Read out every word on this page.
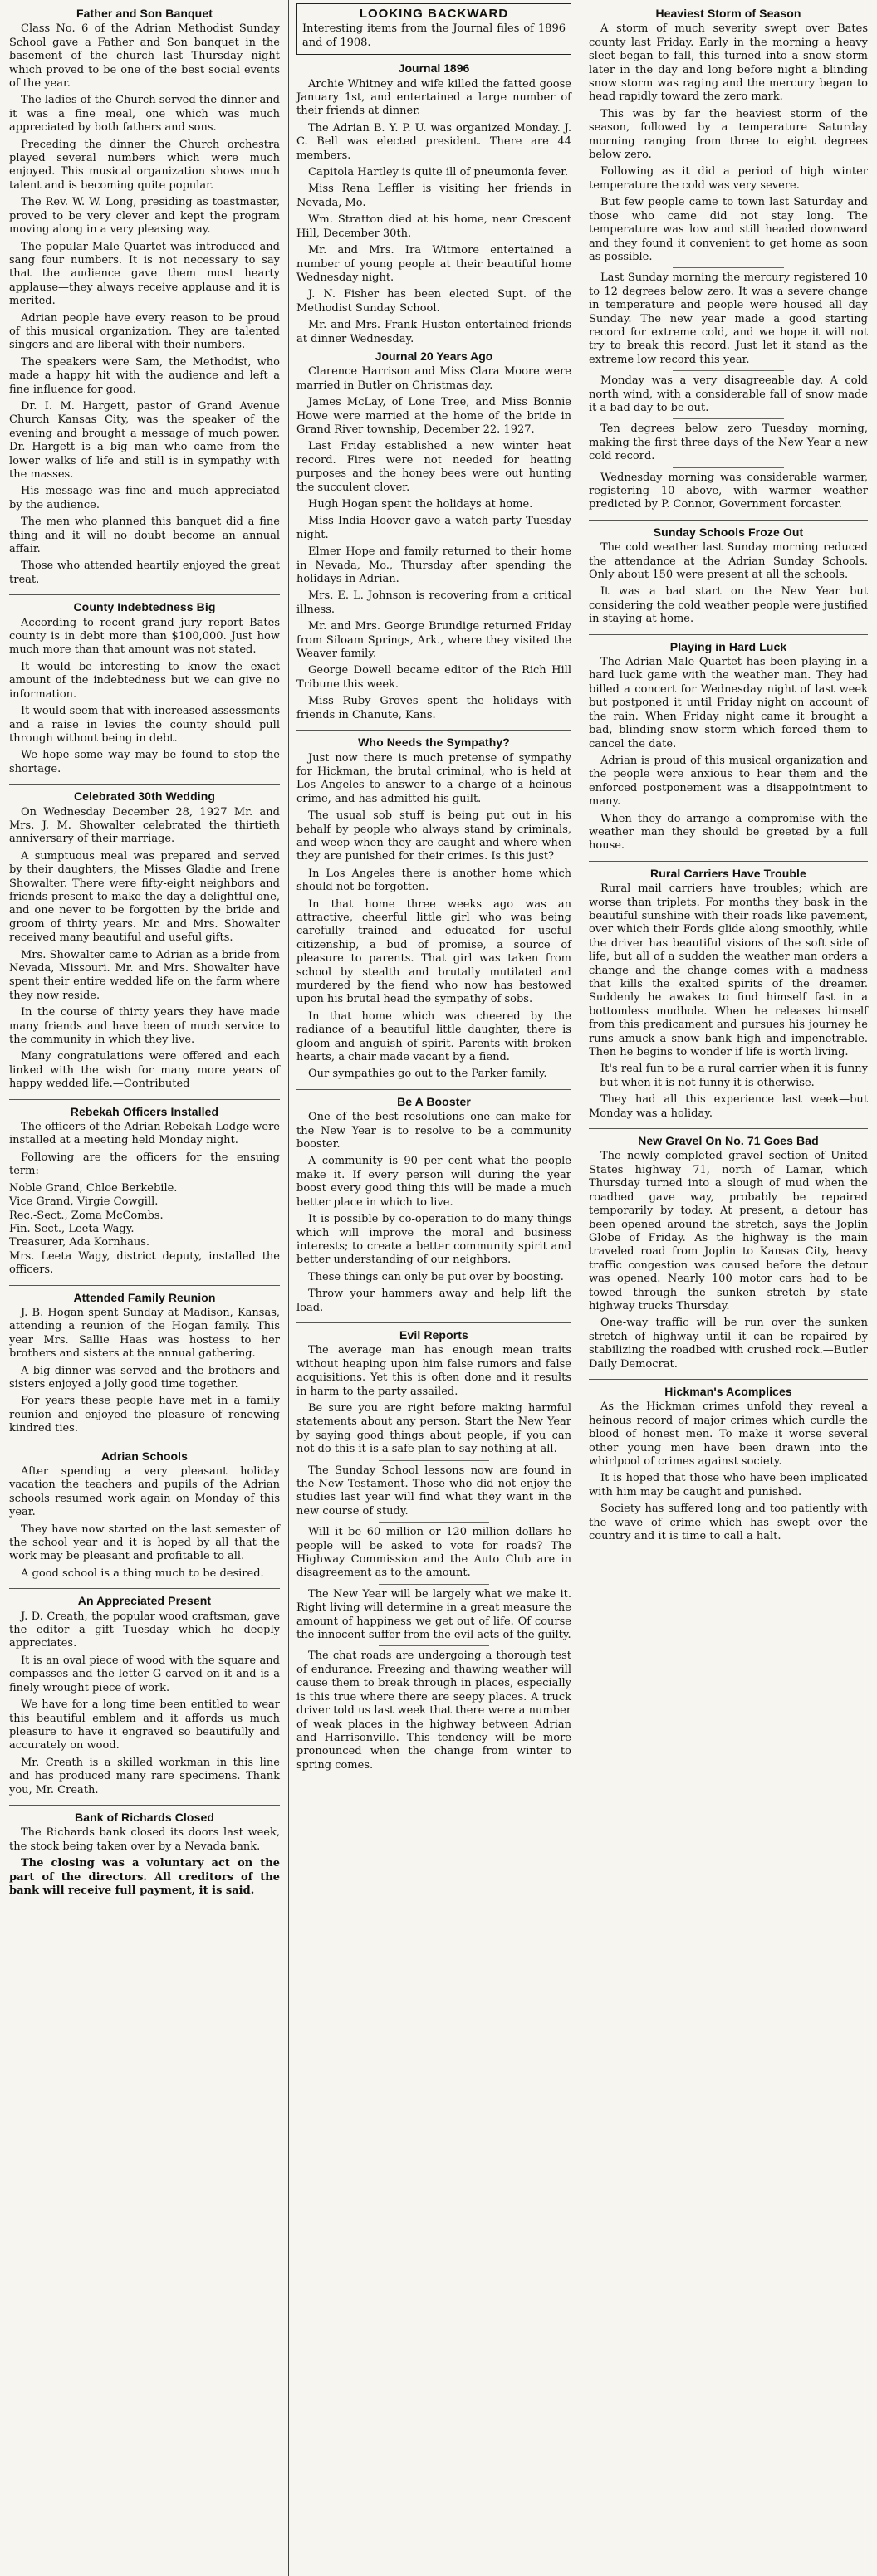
Father and Son Banquet

Class No. 6 of the Adrian Methodist Sunday School gave a Father and Son banquet in the basement of the church last Thursday night which proved to be one of the best social events of the year.

The ladies of the Church served the dinner and it was a fine meal, one which was much appreciated by both fathers and sons.

Preceding the dinner the Church orchestra played several numbers which were much enjoyed. This musical organization shows much talent and is becoming quite popular.

The Rev. W. W. Long, presiding as toastmaster, proved to be very clever and kept the program moving along in a very pleasing way.

The popular Male Quartet was introduced and sang four numbers. It is not necessary to say that the audience gave them most hearty applause—they always receive applause and it is merited.

Adrian people have every reason to be proud of this musical organization. They are talented singers and are liberal with their numbers.

The speakers were Sam, the Methodist, who made a happy hit with the audience and left a fine influence for good.

Dr. I. M. Hargett, pastor of Grand Avenue Church Kansas City, was the speaker of the evening and brought a message of much power. Dr. Hargett is a big man who came from the lower walks of life and still is in sympathy with the masses.

His message was fine and much appreciated by the audience.

The men who planned this banquet did a fine thing and it will no doubt become an annual affair.

Those who attended heartily enjoyed the great treat.

County Indebtedness Big

According to recent grand jury report Bates county is in debt more than $100,000. Just how much more than that amount was not stated.

It would be interesting to know the exact amount of the indebtedness but we can give no information.

It would seem that with increased assessments and a raise in levies the county should pull through without being in debt.

We hope some way may be found to stop the shortage.

Celebrated 30th Wedding

On Wednesday December 28, 1927 Mr. and Mrs. J. M. Showalter celebrated the thirtieth anniversary of their marriage.

A sumptuous meal was prepared and served by their daughters, the Misses Gladie and Irene Showalter. There were fifty-eight neighbors and friends present to make the day a delightful one, and one never to be forgotten by the bride and groom of thirty years. Mr. and Mrs. Showalter received many beautiful and useful gifts.

Mrs. Showalter came to Adrian as a bride from Nevada, Missouri. Mr. and Mrs. Showalter have spent their entire wedded life on the farm where they now reside.

In the course of thirty years they have made many friends and have been of much service to the community in which they live.

Many congratulations were offered and each linked with the wish for many more years of happy wedded life.—Contributed

Rebekah Officers Installed

The officers of the Adrian Rebekah Lodge were installed at a meeting held Monday night.

Following are the officers for the ensuing term:

Noble Grand, Chloe Berkebile.

Vice Grand, Virgie Cowgill.

Rec.-Sect., Zoma McCombs.

Fin. Sect., Leeta Wagy.

Treasurer, Ada Kornhaus.

Mrs. Leeta Wagy, district deputy, installed the officers.

Attended Family Reunion

J. B. Hogan spent Sunday at Madison, Kansas, attending a reunion of the Hogan family. This year Mrs. Sallie Haas was hostess to her brothers and sisters at the annual gathering.

A big dinner was served and the brothers and sisters enjoyed a jolly good time together.

For years these people have met in a family reunion and enjoyed the pleasure of renewing kindred ties.

Adrian Schools

After spending a very pleasant holiday vacation the teachers and pupils of the Adrian schools resumed work again on Monday of this year.

They have now started on the last semester of the school year and it is hoped by all that the work may be pleasant and profitable to all.

A good school is a thing much to be desired.

An Appreciated Present

J. D. Creath, the popular wood craftsman, gave the editor a gift Tuesday which he deeply appreciates.

It is an oval piece of wood with the square and compasses and the letter G carved on it and is a finely wrought piece of work.

We have for a long time been entitled to wear this beautiful emblem and it affords us much pleasure to have it engraved so beautifully and accurately on wood.

Mr. Creath is a skilled workman in this line and has produced many rare specimens. Thank you, Mr. Creath.

Bank of Richards Closed

The Richards bank closed its doors last week, the stock being taken over by a Nevada bank.

The closing was a voluntary act on the part of the directors. All creditors of the bank will receive full payment, it is said.

LOOKING BACKWARD

Interesting items from the Journal files of 1896 and of 1908.

Journal 1896

Archie Whitney and wife killed the fatted goose January 1st, and entertained a large number of their friends at dinner.

The Adrian B. Y. P. U. was organized Monday. J. C. Bell was elected president. There are 44 members.

Capitola Hartley is quite ill of pneumonia fever.

Miss Rena Leffler is visiting her friends in Nevada, Mo.

Wm. Stratton died at his home, near Crescent Hill, December 30th.

Mr. and Mrs. Ira Witmore entertained a number of young people at their beautiful home Wednesday night.

J. N. Fisher has been elected Supt. of the Methodist Sunday School.

Mr. and Mrs. Frank Huston entertained friends at dinner Wednesday.

Journal 20 Years Ago

Clarence Harrison and Miss Clara Moore were married in Butler on Christmas day.

James McLay, of Lone Tree, and Miss Bonnie Howe were married at the home of the bride in Grand River township, December 22. 1927.

Last Friday established a new winter heat record. Fires were not needed for heating purposes and the honey bees were out hunting the succulent clover.

Hugh Hogan spent the holidays at home.

Miss India Hoover gave a watch party Tuesday night.

Elmer Hope and family returned to their home in Nevada, Mo., Thursday after spending the holidays in Adrian.

Mrs. E. L. Johnson is recovering from a critical illness.

Mr. and Mrs. George Brundige returned Friday from Siloam Springs, Ark., where they visited the Weaver family.

George Dowell became editor of the Rich Hill Tribune this week.

Miss Ruby Groves spent the holidays with friends in Chanute, Kans.

Who Needs the Sympathy?

Just now there is much pretense of sympathy for Hickman, the brutal criminal, who is held at Los Angeles to answer to a charge of a heinous crime, and has admitted his guilt.

The usual sob stuff is being put out in his behalf by people who always stand by criminals, and weep when they are caught and where when they are punished for their crimes. Is this just?

In Los Angeles there is another home which should not be forgotten.

In that home three weeks ago was an attractive, cheerful little girl who was being carefully trained and educated for useful citizenship, a bud of promise, a source of pleasure to parents. That girl was taken from school by stealth and brutally mutilated and murdered by the fiend who now has bestowed upon his brutal head the sympathy of sobs.

In that home which was cheered by the radiance of a beautiful little daughter, there is gloom and anguish of spirit. Parents with broken hearts, a chair made vacant by a fiend.

Our sympathies go out to the Parker family.

Be A Booster

One of the best resolutions one can make for the New Year is to resolve to be a community booster.

A community is 90 per cent what the people make it. If every person will during the year boost every good thing this will be made a much better place in which to live.

It is possible by co-operation to do many things which will improve the moral and business interests; to create a better community spirit and better understanding of our neighbors.

These things can only be put over by boosting.

Throw your hammers away and help lift the load.

Evil Reports

The average man has enough mean traits without heaping upon him false rumors and false acquisitions. Yet this is often done and it results in harm to the party assailed.

Be sure you are right before making harmful statements about any person. Start the New Year by saying good things about people, if you can not do this it is a safe plan to say nothing at all.

The Sunday School lessons now are found in the New Testament. Those who did not enjoy the studies last year will find what they want in the new course of study.

Will it be 60 million or 120 million dollars he people will be asked to vote for roads? The Highway Commission and the Auto Club are in disagreement as to the amount.

The New Year will be largely what we make it. Right living will determine in a great measure the amount of happiness we get out of life. Of course the innocent suffer from the evil acts of the guilty.

The chat roads are undergoing a thorough test of endurance. Freezing and thawing weather will cause them to break through in places, especially is this true where there are seepy places. A truck driver told us last week that there were a number of weak places in the highway between Adrian and Harrisonville. This tendency will be more pronounced when the change from winter to spring comes.

Heaviest Storm of Season

A storm of much severity swept over Bates county last Friday. Early in the morning a heavy sleet began to fall, this turned into a snow storm later in the day and long before night a blinding snow storm was raging and the mercury began to head rapidly toward the zero mark.

This was by far the heaviest storm of the season, followed by a temperature Saturday morning ranging from three to eight degrees below zero.

Following as it did a period of high winter temperature the cold was very severe.

But few people came to town last Saturday and those who came did not stay long. The temperature was low and still headed downward and they found it convenient to get home as soon as possible.

Last Sunday morning the mercury registered 10 to 12 degrees below zero. It was a severe change in temperature and people were housed all day Sunday. The new year made a good starting record for extreme cold, and we hope it will not try to break this record. Just let it stand as the extreme low record this year.

Monday was a very disagreeable day. A cold north wind, with a considerable fall of snow made it a bad day to be out.

Ten degrees below zero Tuesday morning, making the first three days of the New Year a new cold record.

Wednesday morning was considerable warmer, registering 10 above, with warmer weather predicted by P. Connor, Government forcaster.

Sunday Schools Froze Out

The cold weather last Sunday morning reduced the attendance at the Adrian Sunday Schools. Only about 150 were present at all the schools.

It was a bad start on the New Year but considering the cold weather people were justified in staying at home.

Playing in Hard Luck

The Adrian Male Quartet has been playing in a hard luck game with the weather man. They had billed a concert for Wednesday night of last week but postponed it until Friday night on account of the rain. When Friday night came it brought a bad, blinding snow storm which forced them to cancel the date.

Adrian is proud of this musical organization and the people were anxious to hear them and the enforced postponement was a disappointment to many.

When they do arrange a compromise with the weather man they should be greeted by a full house.

Rural Carriers Have Trouble

Rural mail carriers have troubles; which are worse than triplets. For months they bask in the beautiful sunshine with their roads like pavement, over which their Fords glide along smoothly, while the driver has beautiful visions of the soft side of life, but all of a sudden the weather man orders a change and the change comes with a madness that kills the exalted spirits of the dreamer. Suddenly he awakes to find himself fast in a bottomless mudhole. When he releases himself from this predicament and pursues his journey he runs amuck a snow bank high and impenetrable. Then he begins to wonder if life is worth living.

It's real fun to be a rural carrier when it is funny—but when it is not funny it is otherwise.

They had all this experience last week—but Monday was a holiday.

New Gravel On No. 71 Goes Bad

The newly completed gravel section of United States highway 71, north of Lamar, which Thursday turned into a slough of mud when the roadbed gave way, probably be repaired temporarily by today. At present, a detour has been opened around the stretch, says the Joplin Globe of Friday. As the highway is the main traveled road from Joplin to Kansas City, heavy traffic congestion was caused before the detour was opened. Nearly 100 motor cars had to be towed through the sunken stretch by state highway trucks Thursday.

One-way traffic will be run over the sunken stretch of highway until it can be repaired by stabilizing the roadbed with crushed rock.—Butler Daily Democrat.

Hickman's Acomplices

As the Hickman crimes unfold they reveal a heinous record of major crimes which curdle the blood of honest men. To make it worse several other young men have been drawn into the whirlpool of crimes against society.

It is hoped that those who have been implicated with him may be caught and punished.

Society has suffered long and too patiently with the wave of crime which has swept over the country and it is time to call a halt.
